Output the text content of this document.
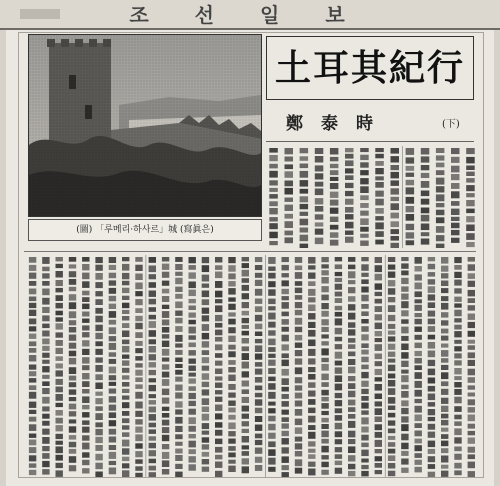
조선일보
(圖) 「루메리·하사르」城 (寫眞은)
土耳其紀行
鄭泰時	(下)
